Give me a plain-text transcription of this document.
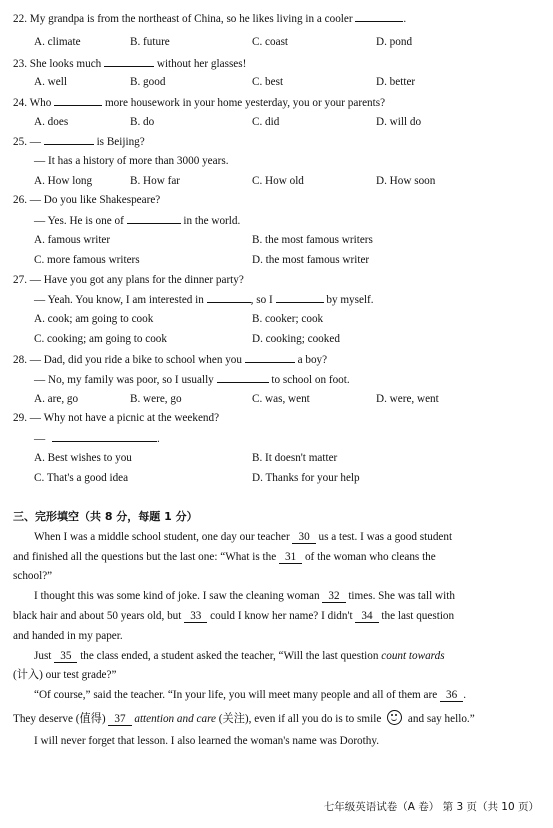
22. My grandpa is from the northeast of China, so he likes living in a cooler	.
A. climate	B. future	C. coast	D. pond
23. She looks much	without her glasses!
A. well	B. good	C. best	D. better
24. Who	more housework in your home yesterday, you or your parents?
A. does	B. do	C. did	D. will do
25. —	is Beijing?
— It has a history of more than 3000 years.
A. How long	B. How far	C. How old	D. How soon
26. — Do you like Shakespeare?
— Yes. He is one of	in the world.
A. famous writer	B. the most famous writers
C. more famous writers	D. the most famous writer
27. — Have you got any plans for the dinner party?
— Yeah. You know, I am interested in	, so I	by myself.
A. cook; am going to cook	B. cooker; cook
C. cooking; am going to cook	D. cooking; cooked
28. — Dad, did you ride a bike to school when you	a boy?
— No, my family was poor, so I usually	to school on foot.
A. are, go	B. were, go	C. was, went	D. were, went
29. — Why not have a picnic at the weekend?
—	.
A. Best wishes to you	B. It doesn't matter
C. That's a good idea	D. Thanks for your help
三、完形填空（共 8 分，每题 1 分）
When I was a middle school student, one day our teacher 30 us a test. I was a good student
and finished all the questions but the last one: “What is the 31 of the woman who cleans the
school?”
I thought this was some kind of joke. I saw the cleaning woman 32 times. She was tall with
black hair and about 50 years old, but 33 could I know her name? I didn't 34 the last question
and handed in my paper.
Just 35 the class ended, a student asked the teacher, “Will the last question count towards
(计入) our test grade?”
“Of course,” said the teacher. “In your life, you will meet many people and all of them are 36 .
They deserve (值得) 37 attention and care (关注), even if all you do is to smile and say hello.”
I will never forget that lesson. I also learned the woman's name was Dorothy.
七年级英语试卷（A 卷） 第 3 页（共 10 页）
